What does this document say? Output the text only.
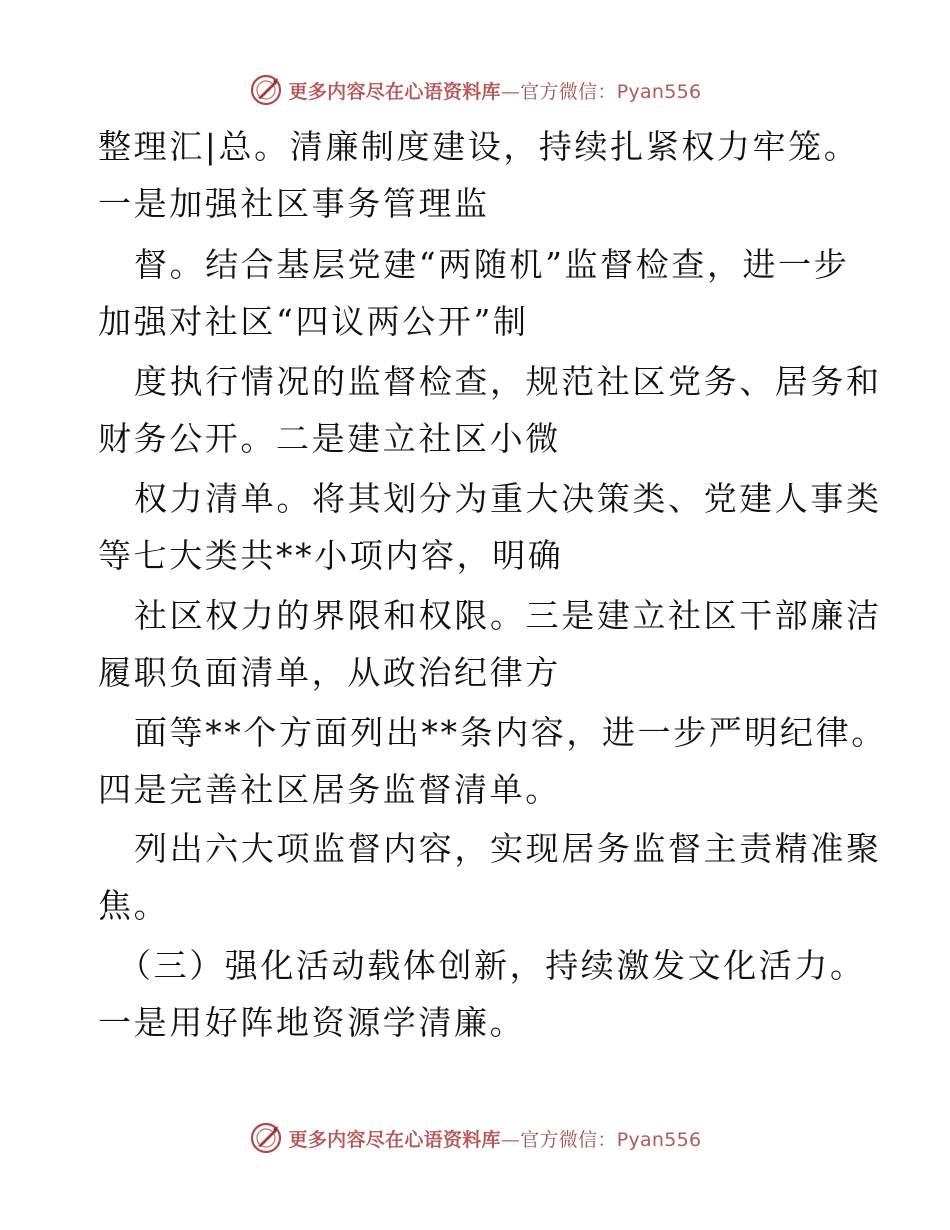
更多内容尽在心语资料库—官方微信：Pyan556
整理汇|总。清廉制度建设，持续扎紧权力牢笼。
一是加强社区事务管理监
督。结合基层党建“两随机”监督检查，进一步
加强对社区“四议两公开”制
度执行情况的监督检查，规范社区党务、居务和
财务公开。二是建立社区小微
权力清单。将其划分为重大决策类、党建人事类
等七大类共**小项内容，明确
社区权力的界限和权限。三是建立社区干部廉洁
履职负面清单，从政治纪律方
面等**个方面列出**条内容，进一步严明纪律。
四是完善社区居务监督清单。
列出六大项监督内容，实现居务监督主责精准聚
焦。
（三）强化活动载体创新，持续激发文化活力。
一是用好阵地资源学清廉。
更多内容尽在心语资料库—官方微信：Pyan556
